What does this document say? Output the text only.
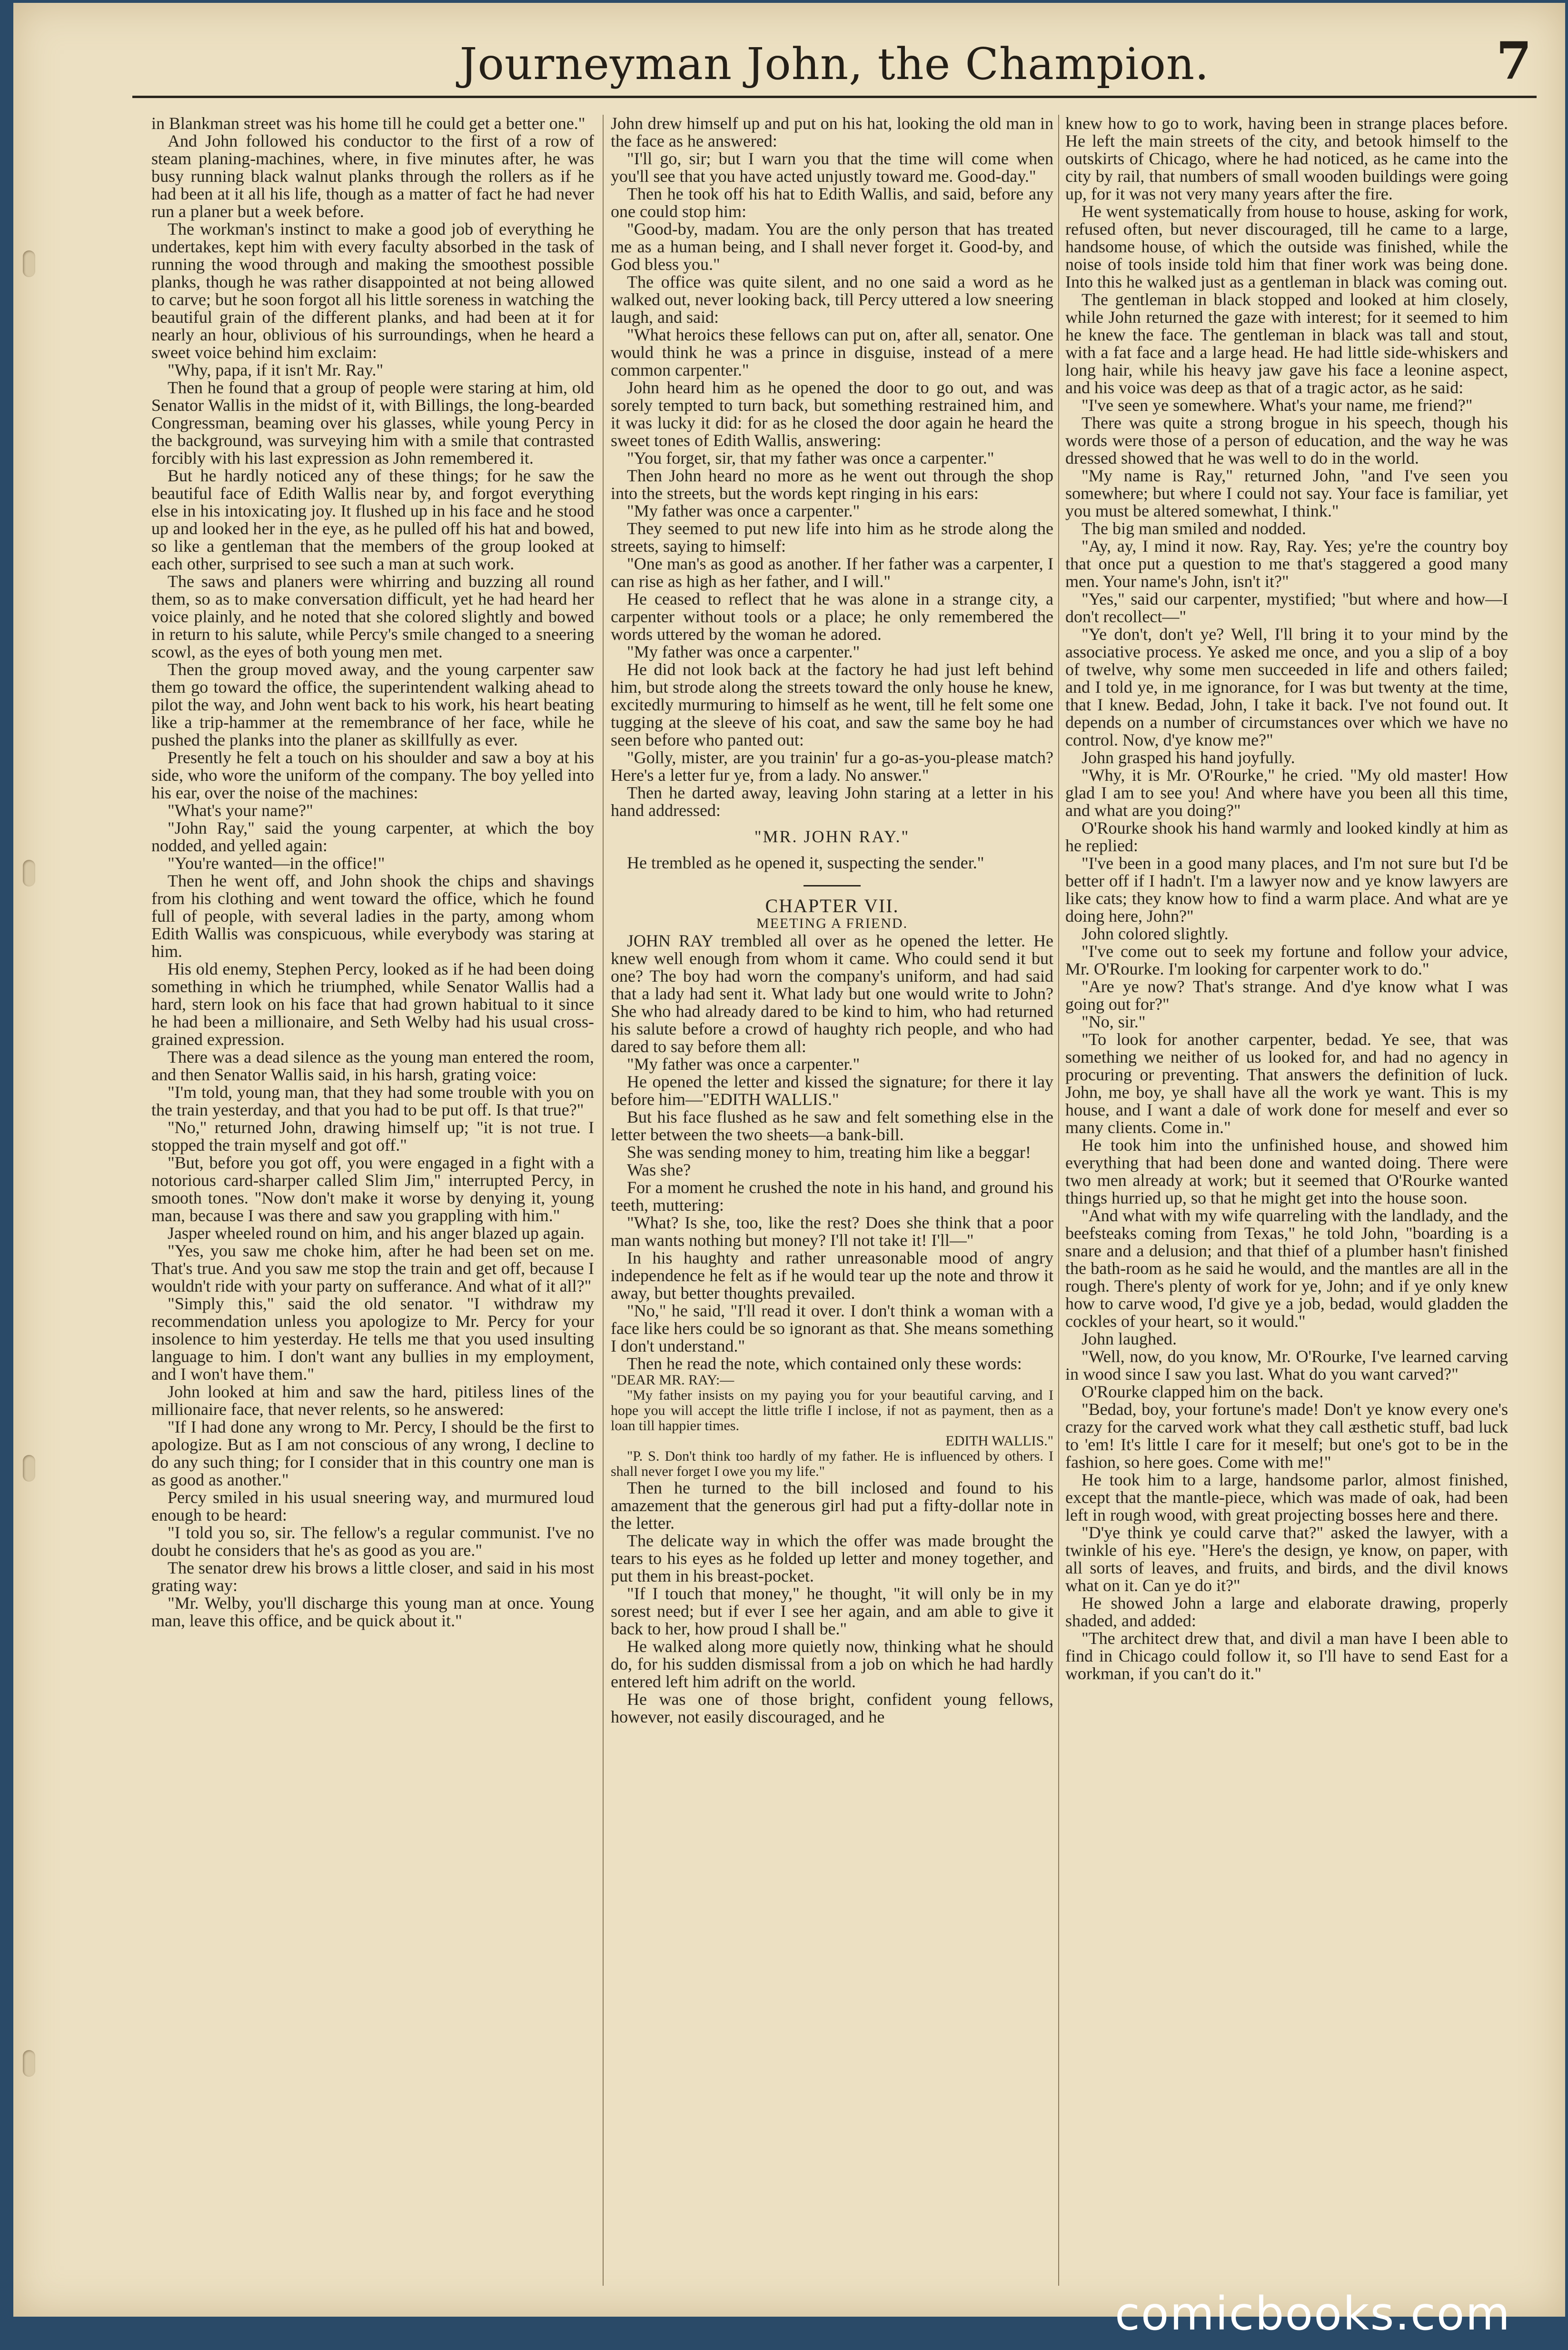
Journeyman John, the Champion.	7

in Blankman street was his home till he could get a better one."

And John followed his conductor to the first of a row of steam planing-machines, where, in five minutes after, he was busy running black walnut planks through the rollers as if he had been at it all his life, though as a matter of fact he had never run a planer but a week before.

The workman's instinct to make a good job of everything he undertakes, kept him with every faculty absorbed in the task of running the wood through and making the smoothest possible planks, though he was rather disappointed at not being allowed to carve; but he soon forgot all his little soreness in watching the beautiful grain of the different planks, and had been at it for nearly an hour, oblivious of his surroundings, when he heard a sweet voice behind him exclaim:

"Why, papa, if it isn't Mr. Ray."

Then he found that a group of people were staring at him, old Senator Wallis in the midst of it, with Billings, the long-bearded Congressman, beaming over his glasses, while young Percy in the background, was surveying him with a smile that contrasted forcibly with his last expression as John remembered it.

But he hardly noticed any of these things; for he saw the beautiful face of Edith Wallis near by, and forgot everything else in his intoxicating joy. It flushed up in his face and he stood up and looked her in the eye, as he pulled off his hat and bowed, so like a gentleman that the members of the group looked at each other, surprised to see such a man at such work.

The saws and planers were whirring and buzzing all round them, so as to make conversation difficult, yet he had heard her voice plainly, and he noted that she colored slightly and bowed in return to his salute, while Percy's smile changed to a sneering scowl, as the eyes of both young men met.

Then the group moved away, and the young carpenter saw them go toward the office, the superintendent walking ahead to pilot the way, and John went back to his work, his heart beating like a trip-hammer at the remembrance of her face, while he pushed the planks into the planer as skillfully as ever.

Presently he felt a touch on his shoulder and saw a boy at his side, who wore the uniform of the company. The boy yelled into his ear, over the noise of the machines:

"What's your name?"

"John Ray," said the young carpenter, at which the boy nodded, and yelled again:

"You're wanted—in the office!"

Then he went off, and John shook the chips and shavings from his clothing and went toward the office, which he found full of people, with several ladies in the party, among whom Edith Wallis was conspicuous, while everybody was staring at him.

His old enemy, Stephen Percy, looked as if he had been doing something in which he triumphed, while Senator Wallis had a hard, stern look on his face that had grown habitual to it since he had been a millionaire, and Seth Welby had his usual cross-grained expression.

There was a dead silence as the young man entered the room, and then Senator Wallis said, in his harsh, grating voice:

"I'm told, young man, that they had some trouble with you on the train yesterday, and that you had to be put off. Is that true?"

"No," returned John, drawing himself up; "it is not true. I stopped the train myself and got off."

"But, before you got off, you were engaged in a fight with a notorious card-sharper called Slim Jim," interrupted Percy, in smooth tones. "Now don't make it worse by denying it, young man, because I was there and saw you grappling with him."

Jasper wheeled round on him, and his anger blazed up again.

"Yes, you saw me choke him, after he had been set on me. That's true. And you saw me stop the train and get off, because I wouldn't ride with your party on sufferance. And what of it all?"

"Simply this," said the old senator. "I withdraw my recommendation unless you apologize to Mr. Percy for your insolence to him yesterday. He tells me that you used insulting language to him. I don't want any bullies in my employment, and I won't have them."

John looked at him and saw the hard, pitiless lines of the millionaire face, that never relents, so he answered:

"If I had done any wrong to Mr. Percy, I should be the first to apologize. But as I am not conscious of any wrong, I decline to do any such thing; for I consider that in this country one man is as good as another."

Percy smiled in his usual sneering way, and murmured loud enough to be heard:

"I told you so, sir. The fellow's a regular communist. I've no doubt he considers that he's as good as you are."

The senator drew his brows a little closer, and said in his most grating way:

"Mr. Welby, you'll discharge this young man at once. Young man, leave this office, and be quick about it."

John drew himself up and put on his hat, looking the old man in the face as he answered:

"I'll go, sir; but I warn you that the time will come when you'll see that you have acted unjustly toward me. Good-day."

Then he took off his hat to Edith Wallis, and said, before any one could stop him:

"Good-by, madam. You are the only person that has treated me as a human being, and I shall never forget it. Good-by, and God bless you."

The office was quite silent, and no one said a word as he walked out, never looking back, till Percy uttered a low sneering laugh, and said:

"What heroics these fellows can put on, after all, senator. One would think he was a prince in disguise, instead of a mere common carpenter."

John heard him as he opened the door to go out, and was sorely tempted to turn back, but something restrained him, and it was lucky it did: for as he closed the door again he heard the sweet tones of Edith Wallis, answering:

"You forget, sir, that my father was once a carpenter."

Then John heard no more as he went out through the shop into the streets, but the words kept ringing in his ears:

"My father was once a carpenter."

They seemed to put new life into him as he strode along the streets, saying to himself:

"One man's as good as another. If her father was a carpenter, I can rise as high as her father, and I will."

He ceased to reflect that he was alone in a strange city, a carpenter without tools or a place; he only remembered the words uttered by the woman he adored.

"My father was once a carpenter."

He did not look back at the factory he had just left behind him, but strode along the streets toward the only house he knew, excitedly murmuring to himself as he went, till he felt some one tugging at the sleeve of his coat, and saw the same boy he had seen before who panted out:

"Golly, mister, are you trainin' fur a go-as-you-please match? Here's a letter fur ye, from a lady. No answer."

Then he darted away, leaving John staring at a letter in his hand addressed:

"MR. JOHN RAY."

He trembled as he opened it, suspecting the sender."

CHAPTER VII.

MEETING A FRIEND.

JOHN RAY trembled all over as he opened the letter. He knew well enough from whom it came. Who could send it but one? The boy had worn the company's uniform, and had said that a lady had sent it. What lady but one would write to John? She who had already dared to be kind to him, who had returned his salute before a crowd of haughty rich people, and who had dared to say before them all:

"My father was once a carpenter."

He opened the letter and kissed the signature; for there it lay before him—"EDITH WALLIS."

But his face flushed as he saw and felt something else in the letter between the two sheets—a bank-bill.

She was sending money to him, treating him like a beggar!

Was she?

For a moment he crushed the note in his hand, and ground his teeth, muttering:

"What? Is she, too, like the rest? Does she think that a poor man wants nothing but money? I'll not take it! I'll—"

In his haughty and rather unreasonable mood of angry independence he felt as if he would tear up the note and throw it away, but better thoughts prevailed.

"No," he said, "I'll read it over. I don't think a woman with a face like hers could be so ignorant as that. She means something I don't understand."

Then he read the note, which contained only these words:

"DEAR MR. RAY:—

"My father insists on my paying you for your beautiful carving, and I hope you will accept the little trifle I inclose, if not as payment, then as a loan till happier times.

EDITH WALLIS."

"P. S. Don't think too hardly of my father. He is influenced by others. I shall never forget I owe you my life."

Then he turned to the bill inclosed and found to his amazement that the generous girl had put a fifty-dollar note in the letter.

The delicate way in which the offer was made brought the tears to his eyes as he folded up letter and money together, and put them in his breast-pocket.

"If I touch that money," he thought, "it will only be in my sorest need; but if ever I see her again, and am able to give it back to her, how proud I shall be."

He walked along more quietly now, thinking what he should do, for his sudden dismissal from a job on which he had hardly entered left him adrift on the world.

He was one of those bright, confident young fellows, however, not easily discouraged, and he

knew how to go to work, having been in strange places before. He left the main streets of the city, and betook himself to the outskirts of Chicago, where he had noticed, as he came into the city by rail, that numbers of small wooden buildings were going up, for it was not very many years after the fire.

He went systematically from house to house, asking for work, refused often, but never discouraged, till he came to a large, handsome house, of which the outside was finished, while the noise of tools inside told him that finer work was being done. Into this he walked just as a gentleman in black was coming out.

The gentleman in black stopped and looked at him closely, while John returned the gaze with interest; for it seemed to him he knew the face. The gentleman in black was tall and stout, with a fat face and a large head. He had little side-whiskers and long hair, while his heavy jaw gave his face a leonine aspect, and his voice was deep as that of a tragic actor, as he said:

"I've seen ye somewhere. What's your name, me friend?"

There was quite a strong brogue in his speech, though his words were those of a person of education, and the way he was dressed showed that he was well to do in the world.

"My name is Ray," returned John, "and I've seen you somewhere; but where I could not say. Your face is familiar, yet you must be altered somewhat, I think."

The big man smiled and nodded.

"Ay, ay, I mind it now. Ray, Ray. Yes; ye're the country boy that once put a question to me that's staggered a good many men. Your name's John, isn't it?"

"Yes," said our carpenter, mystified; "but where and how—I don't recollect—"

"Ye don't, don't ye? Well, I'll bring it to your mind by the associative process. Ye asked me once, and you a slip of a boy of twelve, why some men succeeded in life and others failed; and I told ye, in me ignorance, for I was but twenty at the time, that I knew. Bedad, John, I take it back. I've not found out. It depends on a number of circumstances over which we have no control. Now, d'ye know me?"

John grasped his hand joyfully.

"Why, it is Mr. O'Rourke," he cried. "My old master! How glad I am to see you! And where have you been all this time, and what are you doing?"

O'Rourke shook his hand warmly and looked kindly at him as he replied:

"I've been in a good many places, and I'm not sure but I'd be better off if I hadn't. I'm a lawyer now and ye know lawyers are like cats; they know how to find a warm place. And what are ye doing here, John?"

John colored slightly.

"I've come out to seek my fortune and follow your advice, Mr. O'Rourke. I'm looking for carpenter work to do."

"Are ye now? That's strange. And d'ye know what I was going out for?"

"No, sir."

"To look for another carpenter, bedad. Ye see, that was something we neither of us looked for, and had no agency in procuring or preventing. That answers the definition of luck. John, me boy, ye shall have all the work ye want. This is my house, and I want a dale of work done for meself and ever so many clients. Come in."

He took him into the unfinished house, and showed him everything that had been done and wanted doing. There were two men already at work; but it seemed that O'Rourke wanted things hurried up, so that he might get into the house soon.

"And what with my wife quarreling with the landlady, and the beefsteaks coming from Texas," he told John, "boarding is a snare and a delusion; and that thief of a plumber hasn't finished the bath-room as he said he would, and the mantles are all in the rough. There's plenty of work for ye, John; and if ye only knew how to carve wood, I'd give ye a job, bedad, would gladden the cockles of your heart, so it would."

John laughed.

"Well, now, do you know, Mr. O'Rourke, I've learned carving in wood since I saw you last. What do you want carved?"

O'Rourke clapped him on the back.

"Bedad, boy, your fortune's made! Don't ye know every one's crazy for the carved work what they call æsthetic stuff, bad luck to 'em! It's little I care for it meself; but one's got to be in the fashion, so here goes. Come with me!"

He took him to a large, handsome parlor, almost finished, except that the mantle-piece, which was made of oak, had been left in rough wood, with great projecting bosses here and there.

"D'ye think ye could carve that?" asked the lawyer, with a twinkle of his eye. "Here's the design, ye know, on paper, with all sorts of leaves, and fruits, and birds, and the divil knows what on it. Can ye do it?"

He showed John a large and elaborate drawing, properly shaded, and added:

"The architect drew that, and divil a man have I been able to find in Chicago could follow it, so I'll have to send East for a workman, if you can't do it."

comicbooks.com
